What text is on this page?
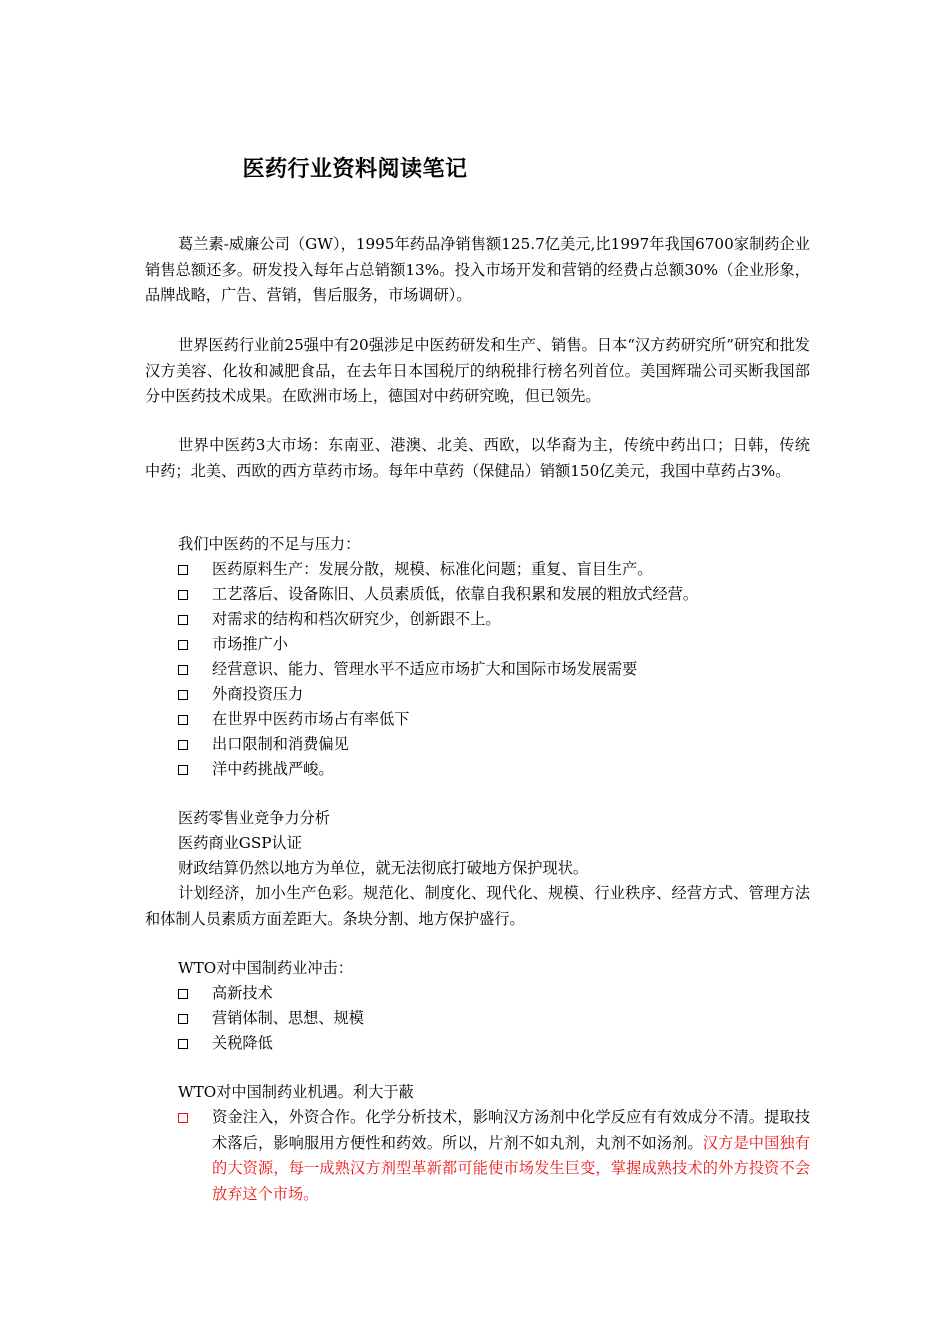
医药行业资料阅读笔记

葛兰素-威廉公司（GW），1995年药品净销售额125.7亿美元,比1997年我国6700家制药企业销售总额还多。研发投入每年占总销额13%。投入市场开发和营销的经费占总额30%（企业形象，品牌战略，广告、营销，售后服务，市场调研）。

世界医药行业前25强中有20强涉足中医药研发和生产、销售。日本“汉方药研究所”研究和批发汉方美容、化妆和减肥食品，在去年日本国税厅的纳税排行榜名列首位。美国辉瑞公司买断我国部分中医药技术成果。在欧洲市场上，德国对中药研究晚，但已领先。

世界中医药3大市场：东南亚、港澳、北美、西欧，以华裔为主，传统中药出口；日韩，传统中药；北美、西欧的西方草药市场。每年中草药（保健品）销额150亿美元，我国中草药占3%。

我们中医药的不足与压力：
医药原料生产：发展分散，规模、标准化问题；重复、盲目生产。
工艺落后、设备陈旧、人员素质低，依靠自我积累和发展的粗放式经营。
对需求的结构和档次研究少，创新跟不上。
市场推广小
经营意识、能力、管理水平不适应市场扩大和国际市场发展需要
外商投资压力
在世界中医药市场占有率低下
出口限制和消费偏见
洋中药挑战严峻。
医药零售业竞争力分析
医药商业GSP认证
财政结算仍然以地方为单位，就无法彻底打破地方保护现状。

计划经济，加小生产色彩。规范化、制度化、现代化、规模、行业秩序、经营方式、管理方法和体制人员素质方面差距大。条块分割、地方保护盛行。

WTO对中国制药业冲击：
高新技术
营销体制、思想、规模
关税降低
WTO对中国制药业机遇。利大于蔽
资金注入，外资合作。化学分析技术，影响汉方汤剂中化学反应有有效成分不清。提取技术落后，影响服用方便性和药效。所以，片剂不如丸剂，丸剂不如汤剂。汉方是中国独有的大资源，每一成熟汉方剂型革新都可能使市场发生巨变，掌握成熟技术的外方投资不会放弃这个市场。
